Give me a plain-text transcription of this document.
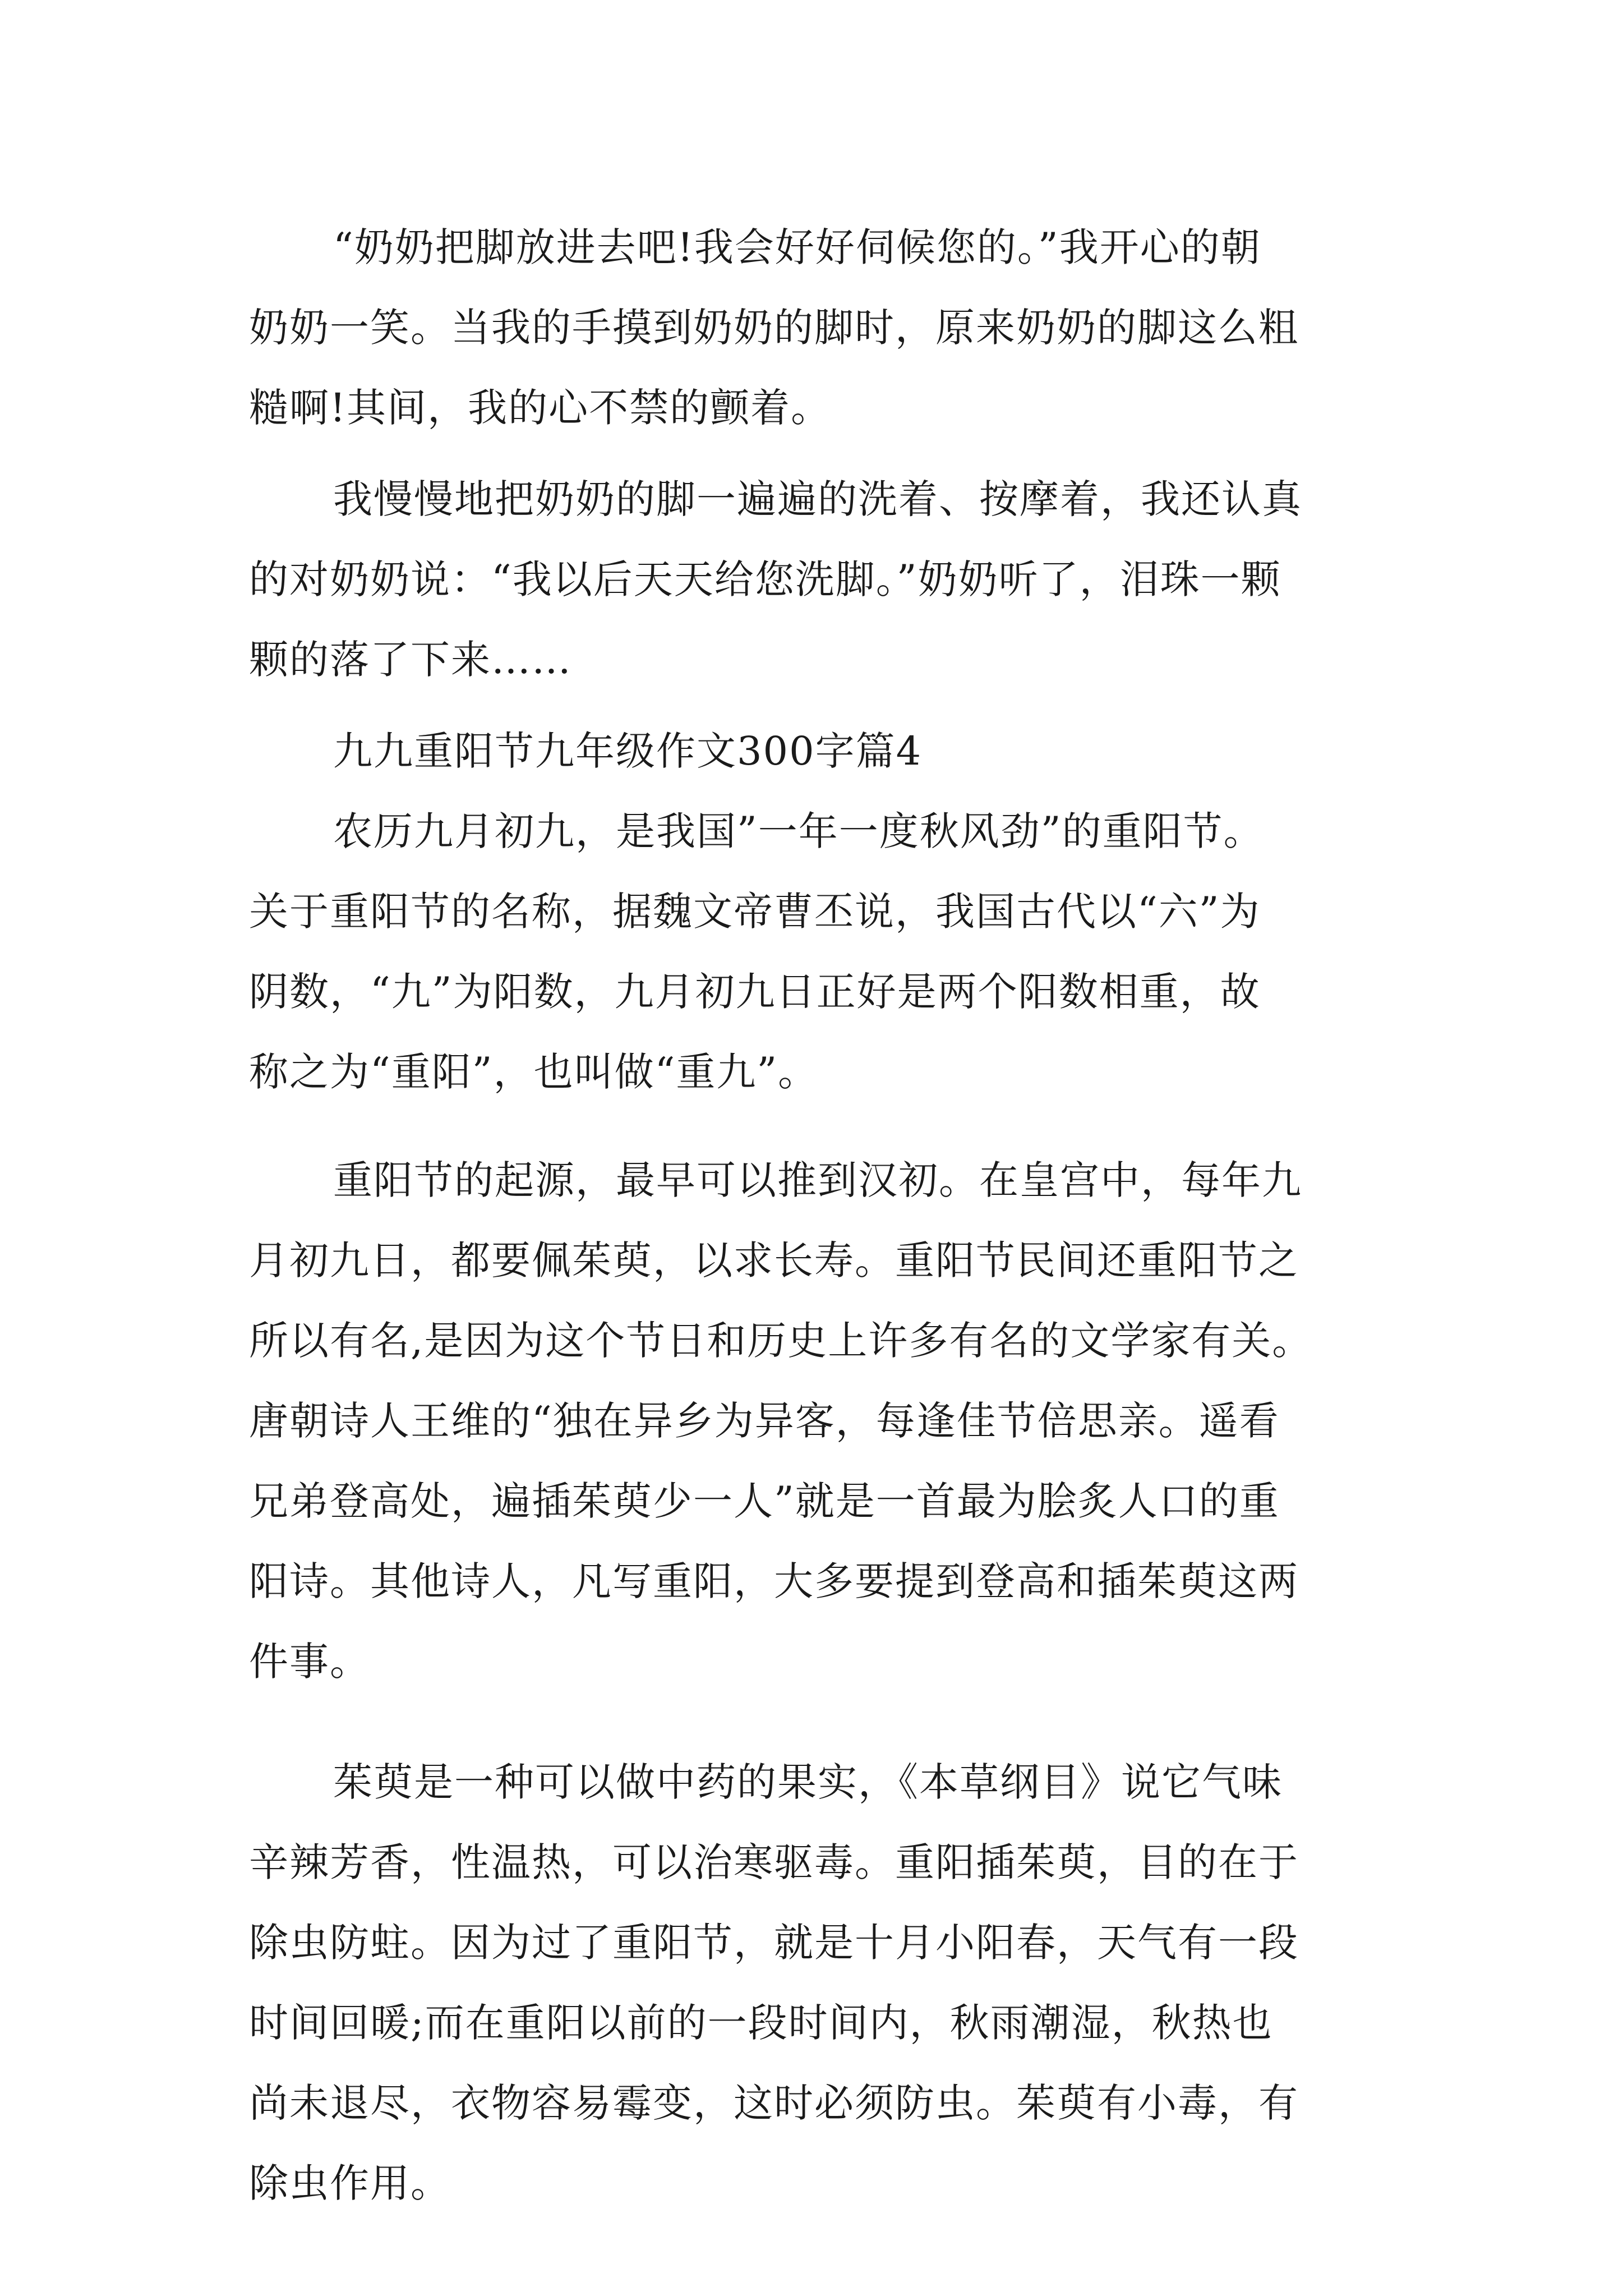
“奶奶把脚放进去吧!我会好好伺候您的。”我开心的朝
奶奶一笑。当我的手摸到奶奶的脚时，原来奶奶的脚这么粗
糙啊!其间，我的心不禁的颤着。
我慢慢地把奶奶的脚一遍遍的洗着、按摩着，我还认真
的对奶奶说：“我以后天天给您洗脚。”奶奶听了，泪珠一颗
颗的落了下来……
九九重阳节九年级作文300字篇4
农历九月初九，是我国”一年一度秋风劲”的重阳节。
关于重阳节的名称，据魏文帝曹丕说，我国古代以“六”为
阴数，“九”为阳数，九月初九日正好是两个阳数相重，故
称之为“重阳”，也叫做“重九”。
重阳节的起源，最早可以推到汉初。在皇宫中，每年九
月初九日，都要佩茱萸，以求长寿。重阳节民间还重阳节之
所以有名,是因为这个节日和历史上许多有名的文学家有关。
唐朝诗人王维的“独在异乡为异客，每逢佳节倍思亲。遥看
兄弟登高处，遍插茱萸少一人”就是一首最为脍炙人口的重
阳诗。其他诗人，凡写重阳，大多要提到登高和插茱萸这两
件事。
茱萸是一种可以做中药的果实，《本草纲目》说它气味
辛辣芳香，性温热，可以治寒驱毒。重阳插茱萸，目的在于
除虫防蛀。因为过了重阳节，就是十月小阳春，天气有一段
时间回暖;而在重阳以前的一段时间内，秋雨潮湿，秋热也
尚未退尽，衣物容易霉变，这时必须防虫。茱萸有小毒，有
除虫作用。
